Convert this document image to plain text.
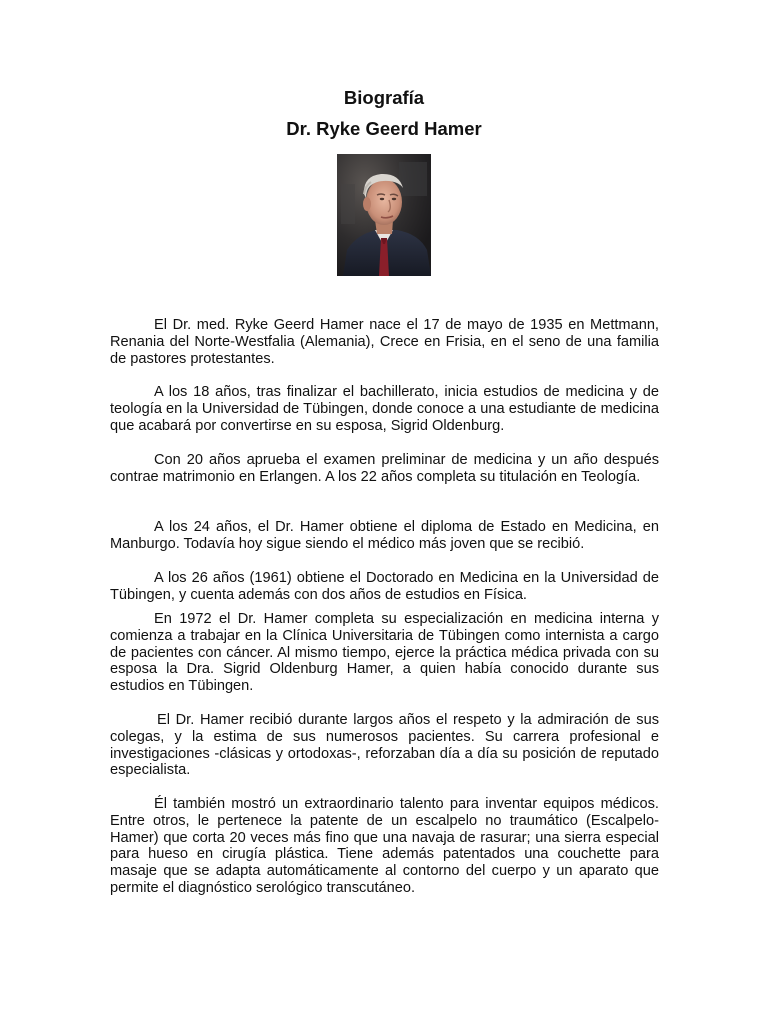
Biografía
Dr. Ryke Geerd Hamer

El Dr. med. Ryke Geerd Hamer nace el 17 de mayo de 1935 en Mettmann, Renania del Norte-Westfalia (Alemania), Crece en Frisia, en el seno de una familia de pastores protestantes.

A los 18 años, tras finalizar el bachillerato, inicia estudios de medicina y de teología en la Universidad de Tübingen, donde conoce a una estudiante de medicina que acabará por convertirse en su esposa, Sigrid Oldenburg.

Con 20 años aprueba el examen preliminar de medicina y un año después contrae matrimonio en Erlangen. A los 22 años completa su titulación en Teología.

A los 24 años, el Dr. Hamer obtiene el diploma de Estado en Medicina, en Manburgo. Todavía hoy sigue siendo el médico más joven que se recibió.

A los 26 años (1961) obtiene el Doctorado en Medicina en la Universidad de Tübingen, y cuenta además con dos años de estudios en Física.

En 1972 el Dr. Hamer completa su especialización en medicina interna y comienza a trabajar en la Clínica Universitaria de Tübingen como internista a cargo de pacientes con cáncer. Al mismo tiempo, ejerce la práctica médica privada con su esposa la Dra. Sigrid Oldenburg Hamer, a quien había conocido durante sus estudios en Tübingen.

El Dr. Hamer recibió durante largos años el respeto y la admiración de sus colegas, y la estima de sus numerosos pacientes. Su carrera profesional e investigaciones -clásicas y ortodoxas-, reforzaban día a día su posición de reputado especialista.

Él también mostró un extraordinario talento para inventar equipos médicos. Entre otros, le pertenece la patente de un escalpelo no traumático (Escalpelo-Hamer) que corta 20 veces más fino que una navaja de rasurar; una sierra especial para hueso en cirugía plástica. Tiene además patentados una couchette para masaje que se adapta automáticamente al contorno del cuerpo y un aparato que permite el diagnóstico serológico transcutáneo.
